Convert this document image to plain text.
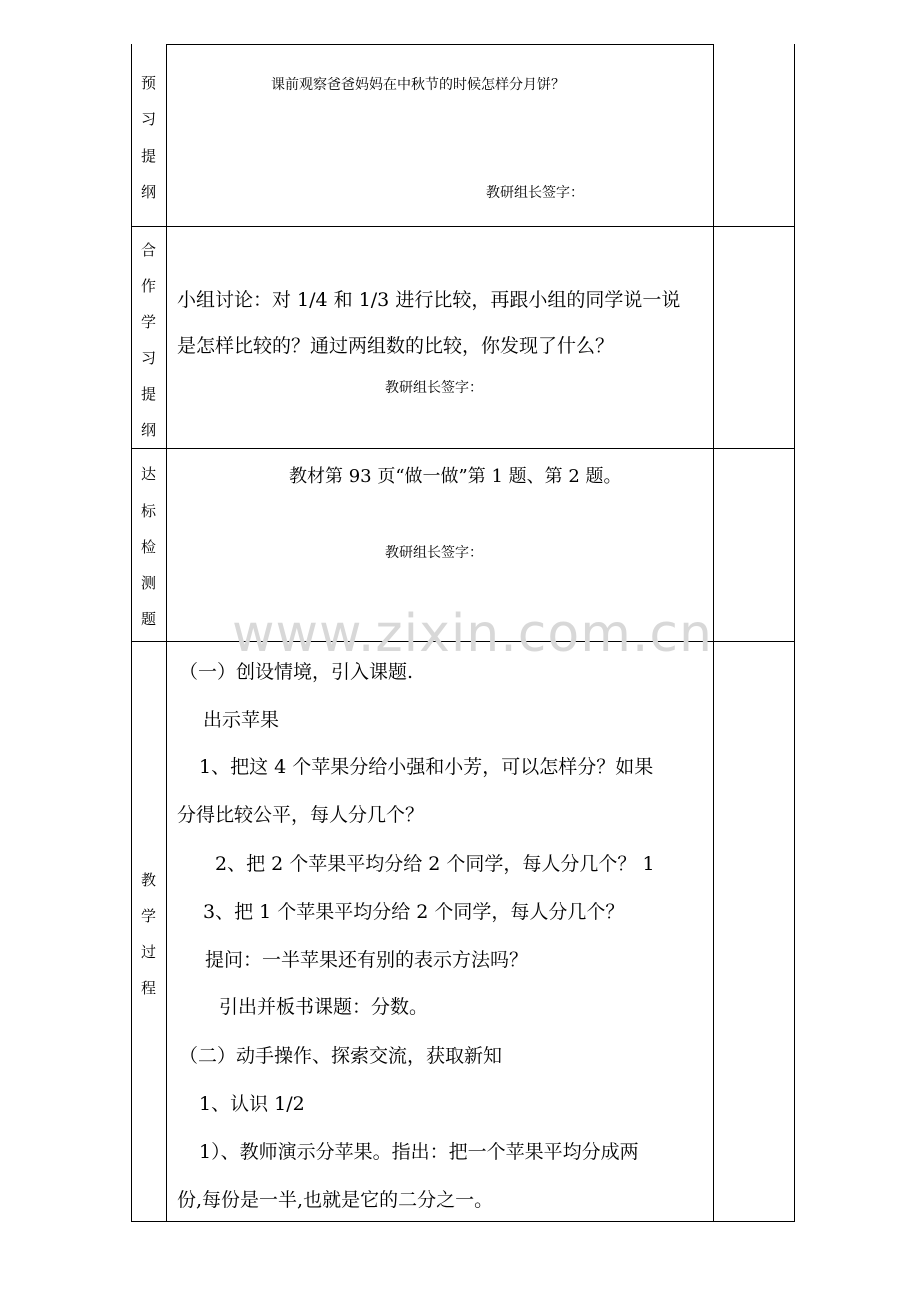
预
习
提
纲
课前观察爸爸妈妈在中秋节的时候怎样分月饼？
教研组长签字：
合
作
学
习
提
纲
小组讨论：对 1/4 和 1/3 进行比较，再跟小组的同学说一说
是怎样比较的？通过两组数的比较，你发现了什么？
教研组长签字：
达
标
检
测
题
教材第 93 页“做一做”第 1 题、第 2 题。
教研组长签字：
www.zixin.com.cn
教
学
过
程
（一）创设情境，引入课题.
出示苹果
1、把这 4 个苹果分给小强和小芳，可以怎样分？如果
分得比较公平，每人分几个？
2、把 2 个苹果平均分给 2 个同学，每人分几个？ 1
3、把 1 个苹果平均分给 2 个同学，每人分几个？
提问：一半苹果还有别的表示方法吗？
引出并板书课题：分数。
（二）动手操作、探索交流，获取新知
1、认识 1/2
1）、教师演示分苹果。指出：把一个苹果平均分成两
份,每份是一半,也就是它的二分之一。
